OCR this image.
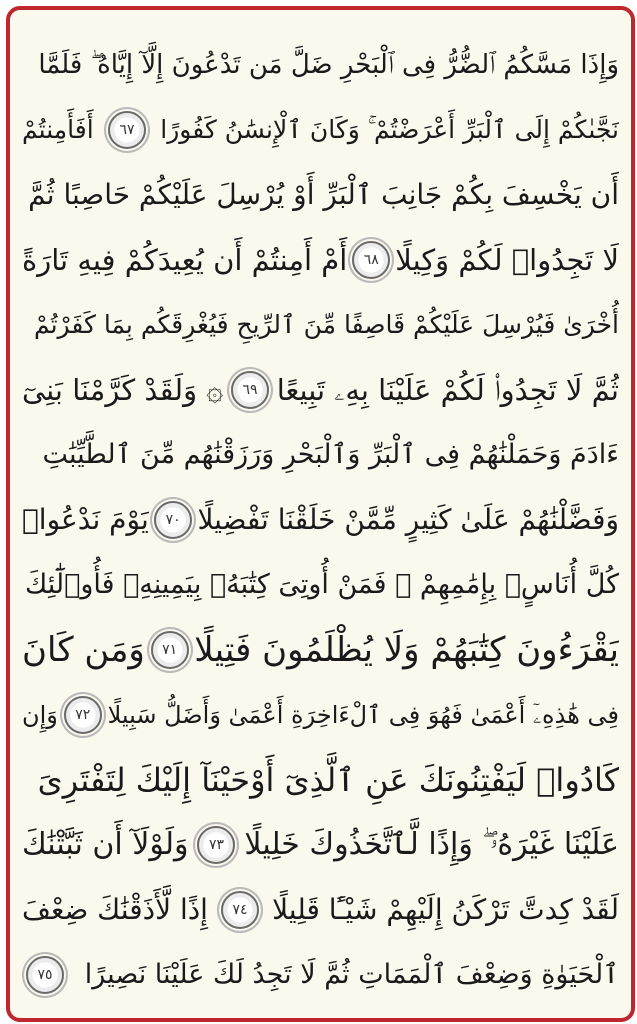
وَإِذَا مَسَّكُمُ ٱلضُّرُّ فِى ٱلْبَحْرِ ضَلَّ مَن تَدْعُونَ إِلَّآ إِيَّاهُ ۖ فَلَمَّا
نَجَّىٰكُمْ إِلَى ٱلْبَرِّ أَعْرَضْتُمْ ۚ وَكَانَ ٱلْإِنسَٰنُ كَفُورًا
٦٧
أَفَأَمِنتُمْ
أَن يَخْسِفَ بِكُمْ جَانِبَ ٱلْبَرِّ أَوْ يُرْسِلَ عَلَيْكُمْ حَاصِبًا ثُمَّ
لَا تَجِدُوا۟ لَكُمْ وَكِيلًا
٦٨
أَمْ أَمِنتُمْ أَن يُعِيدَكُمْ فِيهِ تَارَةً
أُخْرَىٰ فَيُرْسِلَ عَلَيْكُمْ قَاصِفًا مِّنَ ٱلرِّيحِ فَيُغْرِقَكُم بِمَا كَفَرْتُمْ
ثُمَّ لَا تَجِدُوا۟ لَكُمْ عَلَيْنَا بِهِۦ تَبِيعًا
٦٩
۞ وَلَقَدْ كَرَّمْنَا بَنِىٓ
ءَادَمَ وَحَمَلْنَٰهُمْ فِى ٱلْبَرِّ وَٱلْبَحْرِ وَرَزَقْنَٰهُم مِّنَ ٱلطَّيِّبَٰتِ
وَفَضَّلْنَٰهُمْ عَلَىٰ كَثِيرٍ مِّمَّنْ خَلَقْنَا تَفْضِيلًا
٧٠
يَوْمَ نَدْعُوا۟
كُلَّ أُنَاسٍۭ بِإِمَٰمِهِمْ ۖ فَمَنْ أُوتِىَ كِتَٰبَهُۥ بِيَمِينِهِۦ فَأُو۟لَٰٓئِكَ
يَقْرَءُونَ كِتَٰبَهُمْ وَلَا يُظْلَمُونَ فَتِيلًا
٧١
وَمَن كَانَ
فِى هَٰذِهِۦٓ أَعْمَىٰ فَهُوَ فِى ٱلْءَاخِرَةِ أَعْمَىٰ وَأَضَلُّ سَبِيلًا
٧٢
وَإِن
كَادُوا۟ لَيَفْتِنُونَكَ عَنِ ٱلَّذِىٓ أَوْحَيْنَآ إِلَيْكَ لِتَفْتَرِىَ
عَلَيْنَا غَيْرَهُۥ ۖ وَإِذًا لَّٱتَّخَذُوكَ خَلِيلًا
٧٣
وَلَوْلَآ أَن ثَبَّتْنَٰكَ
لَقَدْ كِدتَّ تَرْكَنُ إِلَيْهِمْ شَيْـًٔا قَلِيلًا
٧٤
إِذًا لَّأَذَقْنَٰكَ ضِعْفَ
ٱلْحَيَوٰةِ وَضِعْفَ ٱلْمَمَاتِ ثُمَّ لَا تَجِدُ لَكَ عَلَيْنَا نَصِيرًا
٧٥
